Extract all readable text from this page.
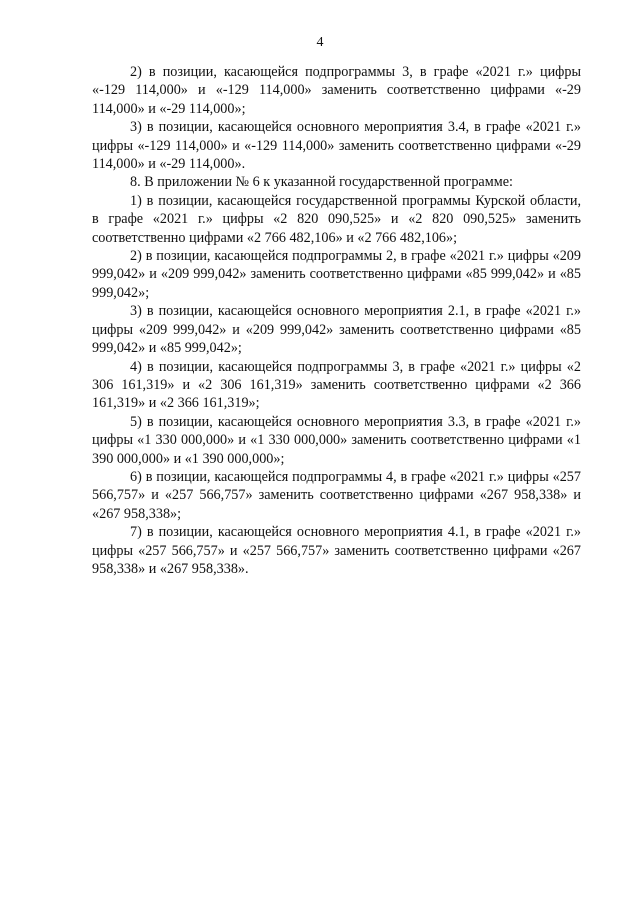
4

2) в позиции, касающейся подпрограммы 3, в графе «2021 г.» цифры «-129 114,000» и «-129 114,000» заменить соответственно цифрами «-29 114,000» и «-29 114,000»;

3) в позиции, касающейся основного мероприятия 3.4, в графе «2021 г.» цифры «-129 114,000» и «-129 114,000» заменить соответственно цифрами «-29 114,000» и «-29 114,000».

8. В приложении № 6 к указанной государственной программе:

1) в позиции, касающейся государственной программы Курской области, в графе «2021 г.» цифры «2 820 090,525» и «2 820 090,525» заменить соответственно цифрами «2 766 482,106» и «2 766 482,106»;

2) в позиции, касающейся подпрограммы 2, в графе «2021 г.» цифры «209 999,042» и «209 999,042» заменить соответственно цифрами «85 999,042» и «85 999,042»;

3) в позиции, касающейся основного мероприятия 2.1, в графе «2021 г.» цифры «209 999,042» и «209 999,042» заменить соответственно цифрами «85 999,042» и «85 999,042»;

4) в позиции, касающейся подпрограммы 3, в графе «2021 г.» цифры «2 306 161,319» и «2 306 161,319» заменить соответственно цифрами «2 366 161,319» и «2 366 161,319»;

5) в позиции, касающейся основного мероприятия 3.3, в графе «2021 г.» цифры «1 330 000,000» и «1 330 000,000» заменить соответственно цифрами «1 390 000,000» и «1 390 000,000»;

6) в позиции, касающейся подпрограммы 4, в графе «2021 г.» цифры «257 566,757» и «257 566,757» заменить соответственно цифрами «267 958,338» и «267 958,338»;

7) в позиции, касающейся основного мероприятия 4.1, в графе «2021 г.» цифры «257 566,757» и «257 566,757» заменить соответственно цифрами «267 958,338» и «267 958,338».
